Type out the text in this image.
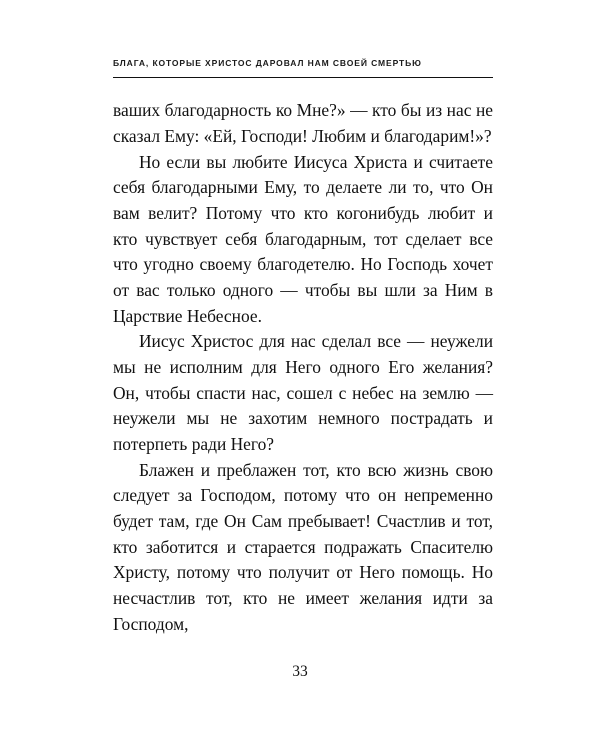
БЛАГА, КОТОРЫЕ ХРИСТОС ДАРОВАЛ НАМ СВОЕЙ СМЕРТЬЮ

ваших благодарность ко Мне?» — кто бы из нас не сказал Ему: «Ей, Господи! Любим и благодарим!»?

Но если вы любите Иисуса Христа и считаете себя благодарными Ему, то делаете ли то, что Он вам велит? Потому что кто когонибудь любит и кто чувствует себя благодарным, тот сделает все что угодно своему благодетелю. Но Господь хочет от вас только одного — чтобы вы шли за Ним в Царствие Небесное.

Иисус Христос для нас сделал все — неужели мы не исполним для Него одного Его желания? Он, чтобы спасти нас, сошел с небес на землю — неужели мы не захотим немного пострадать и потерпеть ради Него?

Блажен и преблажен тот, кто всю жизнь свою следует за Господом, потому что он непременно будет там, где Он Сам пребывает! Счастлив и тот, кто заботится и старается подражать Спасителю Христу, потому что получит от Него помощь. Но несчастлив тот, кто не имеет желания идти за Господом,

33
